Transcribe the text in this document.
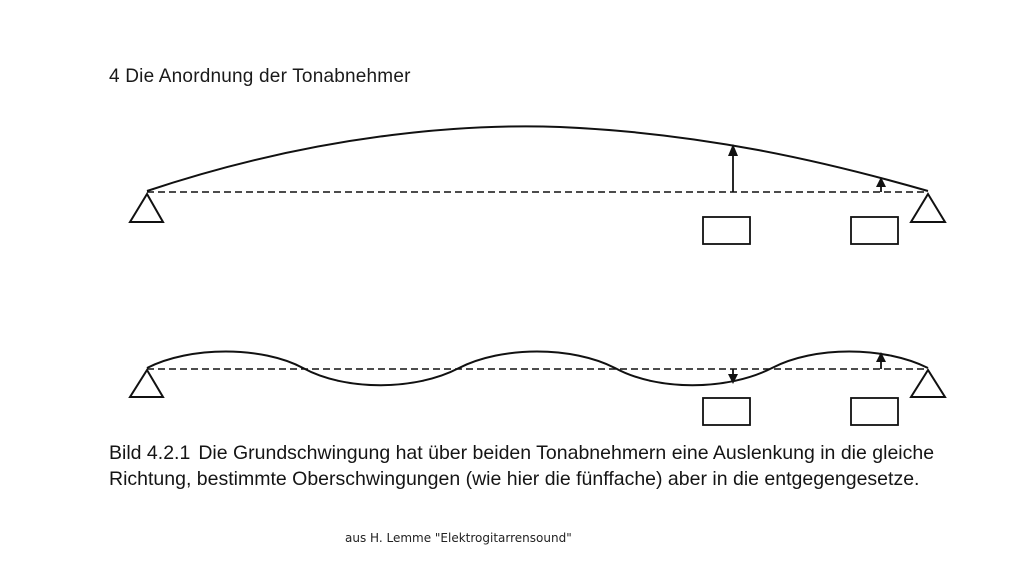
4 Die Anordnung der Tonabnehmer
Bild 4.2.1 Die Grundschwingung hat über beiden Tonabnehmern eine Auslenkung in die gleiche Richtung, bestimmte Oberschwingungen (wie hier die fünffache) aber in die entgegengesetze.
aus H. Lemme "Elektrogitarrensound"
